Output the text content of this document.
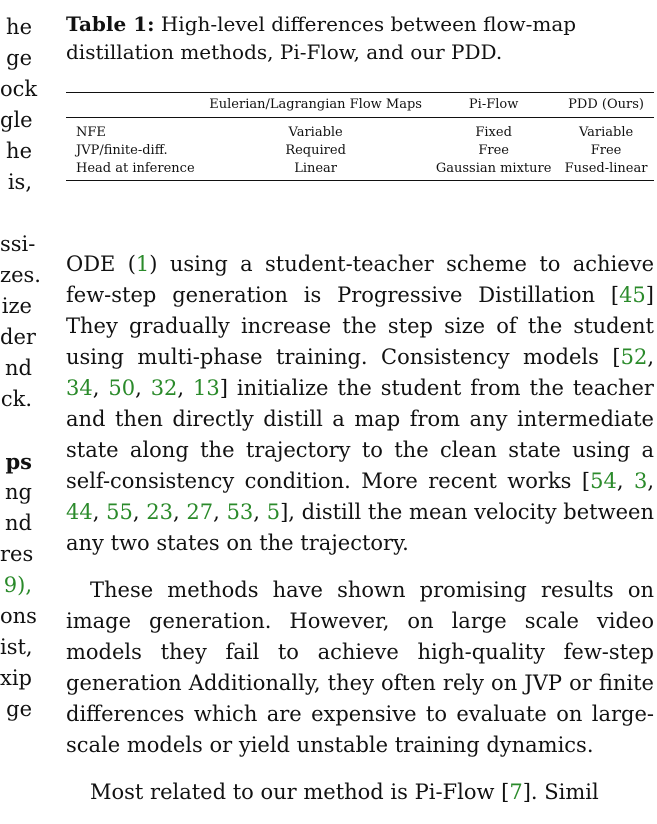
he
ge
ock
gle
he
is,
ssi-
zes.
ize
der
nd
ck.
ps
ng
nd
res
9),
ons
ist,
xip
ge

Table 1: High-level differences between flow-map distillation methods, Pi-Flow, and our PDD.

	Eulerian/Lagrangian Flow Maps	Pi-Flow	PDD (Ours)
NFE	Variable	Fixed	Variable
JVP/finite-diff.	Required	Free	Free
Head at inference	Linear	Gaussian mixture	Fused-linear

ODE (1) using a student-teacher scheme to achieve few-step generation is Progressive Distillation [45] They gradually increase the step size of the student using multi-phase training. Consistency models [52, 34, 50, 32, 13] initialize the student from the teacher and then directly distill a map from any intermediate state along the trajectory to the clean state using a self-consistency condition. More recent works [54, 3, 44, 55, 23, 27, 53, 5], distill the mean velocity between any two states on the trajectory.

These methods have shown promising results on image generation. However, on large scale video models they fail to achieve high-quality few-step generation Additionally, they often rely on JVP or finite differences which are expensive to evaluate on large-scale models or yield unstable training dynamics.

Most related to our method is Pi-Flow [7]. Simil
